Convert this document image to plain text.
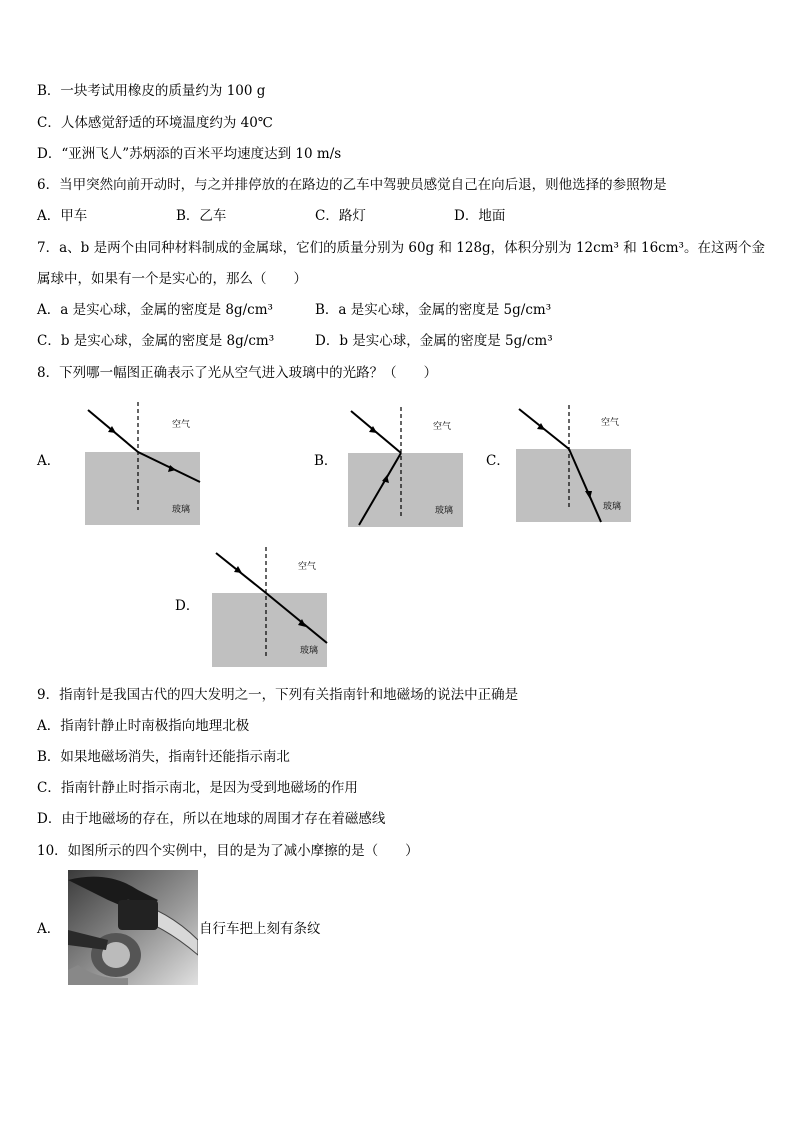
B．一块考试用橡皮的质量约为 100 g
C．人体感觉舒适的环境温度约为 40℃
D．“亚洲飞人”苏炳添的百米平均速度达到 10 m/s
6．当甲突然向前开动时，与之并排停放的在路边的乙车中驾驶员感觉自己在向后退，则他选择的参照物是
A．甲车	B．乙车	C．路灯	D．地面
7．a、b 是两个由同种材料制成的金属球，它们的质量分别为 60g 和 128g，体积分别为 12cm³ 和 16cm³。在这两个金
属球中，如果有一个是实心的，那么（　　）
A．a 是实心球，金属的密度是 8g/cm³	B．a 是实心球，金属的密度是 5g/cm³
C．b 是实心球，金属的密度是 8g/cm³	D．b 是实心球，金属的密度是 5g/cm³
8．下列哪一幅图正确表示了光从空气进入玻璃中的光路？（　　）
A．
空气
玻璃
B．
空气
玻璃
C．
空气
玻璃
D．
空气
玻璃
9．指南针是我国古代的四大发明之一，下列有关指南针和地磁场的说法中正确是
A．指南针静止时南极指向地理北极
B．如果地磁场消失，指南针还能指示南北
C．指南针静止时指示南北，是因为受到地磁场的作用
D．由于地磁场的存在，所以在地球的周围才存在着磁感线
10．如图所示的四个实例中，目的是为了减小摩擦的是（　　）
A．	自行车把上刻有条纹
